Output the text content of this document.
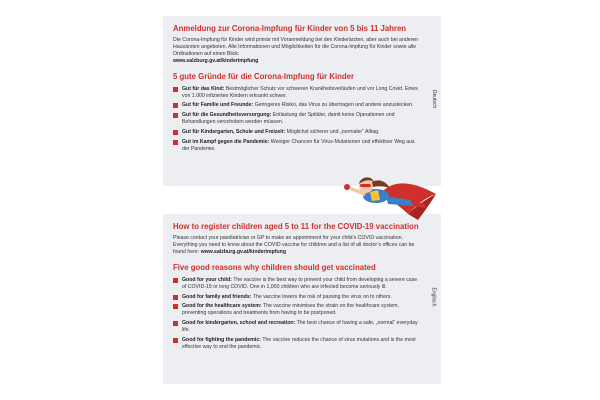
Anmeldung zur Corona-Impfung für Kinder von 5 bis 11 Jahren

Die Corona-Impfung für Kinder wird primär mit Voranmeldung bei den Kinderärzten, aber auch bei anderen Hausärzten angeboten. Alle Informationen und Möglichkeiten für die Corona-Impfung für Kinder sowie alle Ordinationen auf einen Blick:
www.salzburg.gv.at/kinderimpfung

5 gute Gründe für die Corona-Impfung für Kinder
Gut für das Kind: Bestmöglicher Schutz vor schweren Krankheitsverläufen und vor Long Covid. Eines von 1.000 infizierten Kindern erkrankt schwer.
Gut für Familie und Freunde: Geringeres Risiko, das Virus zu übertragen und andere anzustecken.
Gut für die Gesundheitsversorgung: Entlastung der Spitäler, damit keine Operationen und Behandlungen verschoben werden müssen.
Gut für Kindergarten, Schule und Freizeit: Möglichst sicherer und „normaler“ Alltag.
Gut im Kampf gegen die Pandemie: Weniger Chancen für Virus-Mutationen und effektiver Weg aus der Pandemie.
Deutsch
How to register children aged 5 to 11 for the COVID-19 vaccination

Please contact your paediatrician or GP to make an appointment for your child’s COVID vaccination. Everything you need to know about the COVID vaccine for children and a list of all doctor’s offices can be found here: www.salzburg.gv.at/kinderimpfung

Five good reasons why children should get vaccinated
Good for your child: The vaccine is the best way to prevent your child from developing a severe case of COVID-19 or long COVID. One in 1,000 children who are infected become seriously ill.
Good for family and friends: The vaccine lowers the risk of passing the virus on to others.
Good for the healthcare system: The vaccine minimises the strain on the healthcare system, preventing operations and treatments from having to be postponed.
Good for kindergarten, school and recreation: The best chance of having a safe, „normal“ everyday life.
Good for fighting the pandemic: The vaccine reduces the chance of virus mutations and is the most effective way to end the pandemic.
Englisch
